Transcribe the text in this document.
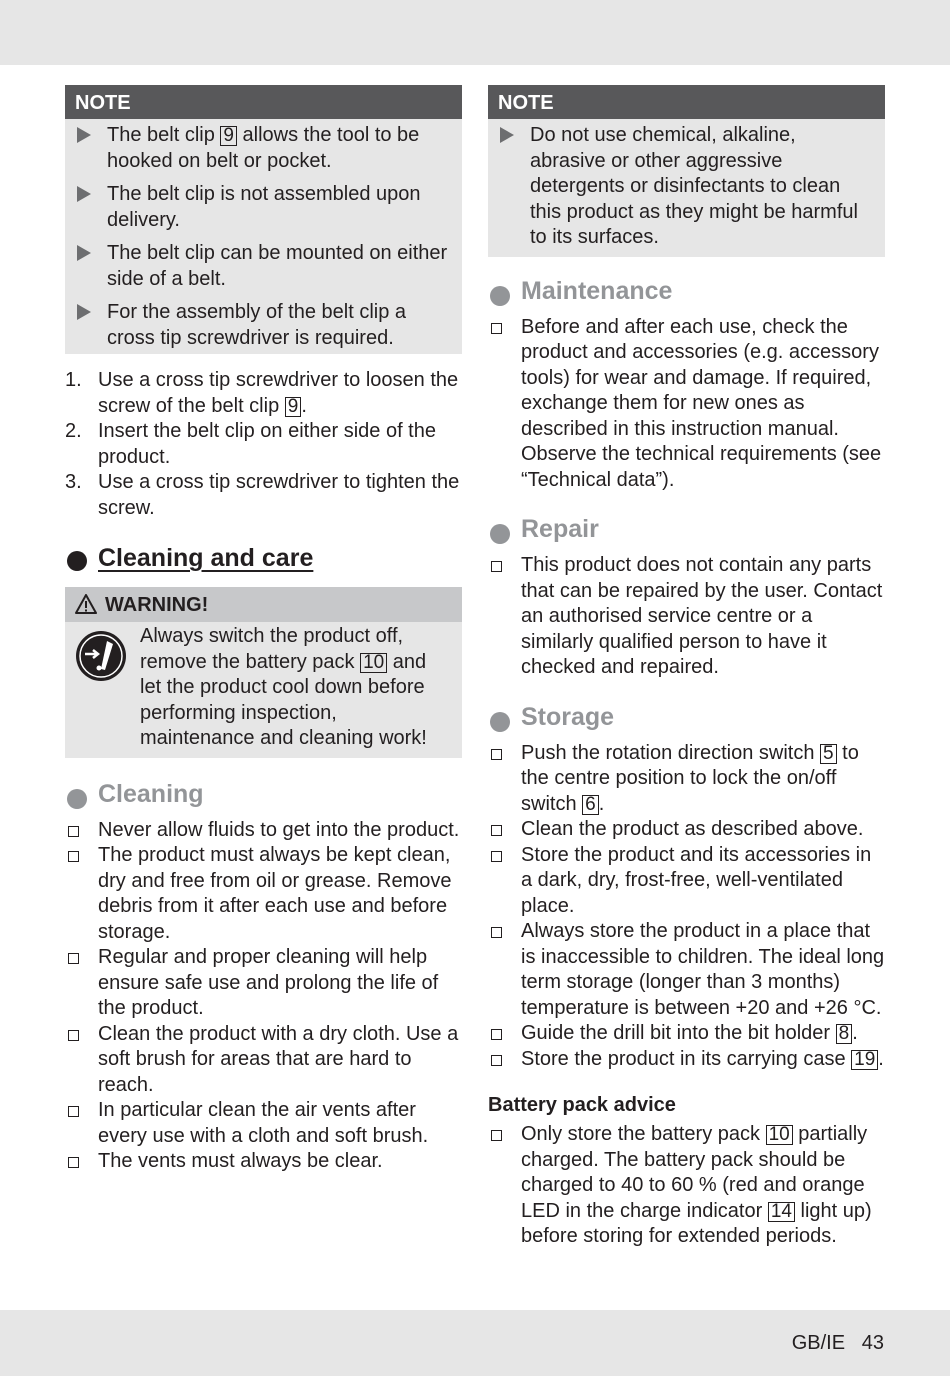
NOTE
The belt clip 9 allows the tool to be hooked on belt or pocket.
The belt clip is not assembled upon delivery.
The belt clip can be mounted on either side of a belt.
For the assembly of the belt clip a cross tip screwdriver is required.
1. Use a cross tip screwdriver to loosen the screw of the belt clip 9 .
2. Insert the belt clip on either side of the product.
3. Use a cross tip screwdriver to tighten the screw.
Cleaning and care
WARNING!
Always switch the product off, remove the battery pack 10 and let the product cool down before performing inspection, maintenance and cleaning work!
Cleaning
Never allow fluids to get into the product.
The product must always be kept clean, dry and free from oil or grease. Remove debris from it after each use and before storage.
Regular and proper cleaning will help ensure safe use and prolong the life of the product.
Clean the product with a dry cloth. Use a soft brush for areas that are hard to reach.
In particular clean the air vents after every use with a cloth and soft brush.
The vents must always be clear.
NOTE
Do not use chemical, alkaline, abrasive or other aggressive detergents or disinfectants to clean this product as they might be harmful to its surfaces.
Maintenance
Before and after each use, check the product and accessories (e.g. accessory tools) for wear and damage. If required, exchange them for new ones as described in this instruction manual. Observe the technical requirements (see “Technical data”).
Repair
This product does not contain any parts that can be repaired by the user. Contact an authorised service centre or a similarly qualified person to have it checked and repaired.
Storage
Push the rotation direction switch 5 to the centre position to lock the on/off switch 6 .
Clean the product as described above.
Store the product and its accessories in a dark, dry, frost-free, well-ventilated place.
Always store the product in a place that is inaccessible to children. The ideal long term storage (longer than 3 months) temperature is between +20 and +26 °C.
Guide the drill bit into the bit holder 8 .
Store the product in its carrying case 19 .
Battery pack advice
Only store the battery pack 10 partially charged. The battery pack should be charged to 40 to 60 % (red and orange LED in the charge indicator 14 light up) before storing for extended periods.
GB/IE 43
